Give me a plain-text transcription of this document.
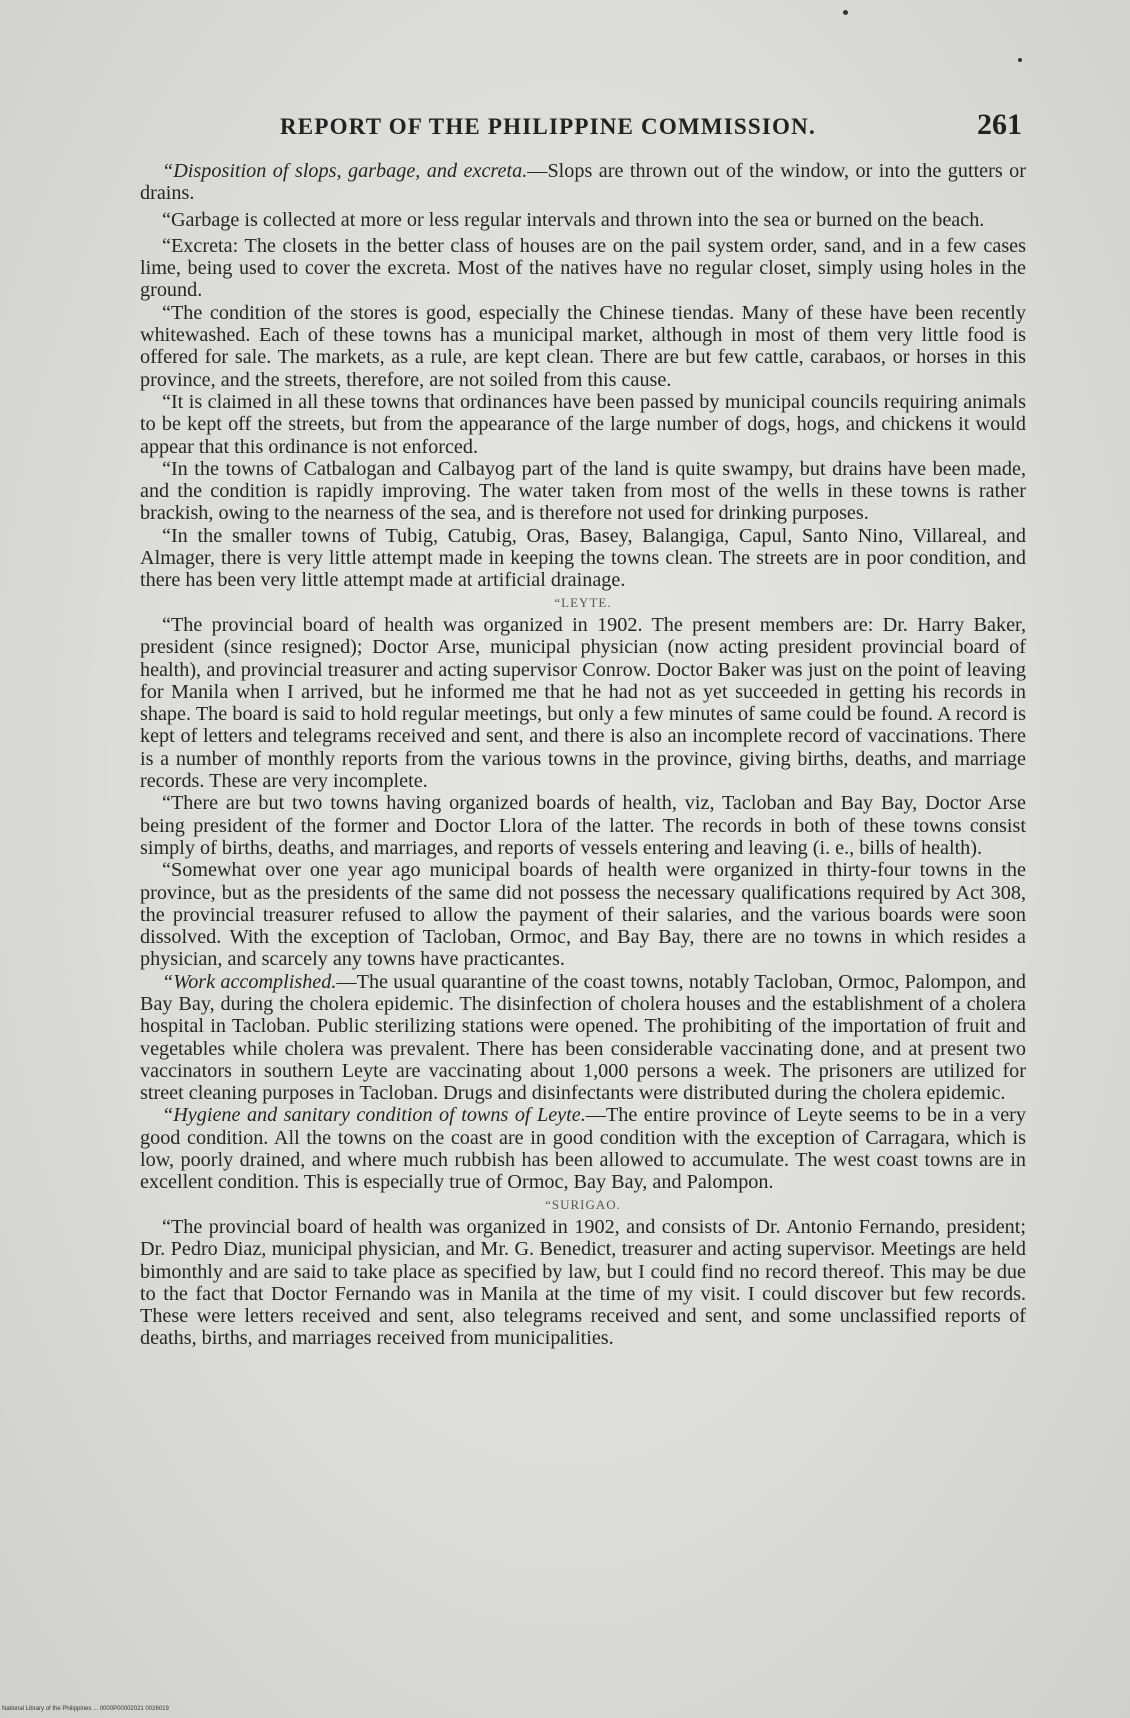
REPORT OF THE PHILIPPINE COMMISSION.	261

“Disposition of slops, garbage, and excreta.—Slops are thrown out of the window, or into the gutters or drains.

“Garbage is collected at more or less regular intervals and thrown into the sea or burned on the beach.

“Excreta: The closets in the better class of houses are on the pail system order, sand, and in a few cases lime, being used to cover the excreta. Most of the natives have no regular closet, simply using holes in the ground.

“The condition of the stores is good, especially the Chinese tiendas. Many of these have been recently whitewashed. Each of these towns has a municipal market, although in most of them very little food is offered for sale. The markets, as a rule, are kept clean. There are but few cattle, carabaos, or horses in this province, and the streets, therefore, are not soiled from this cause.

“It is claimed in all these towns that ordinances have been passed by municipal councils requiring animals to be kept off the streets, but from the appearance of the large number of dogs, hogs, and chickens it would appear that this ordinance is not enforced.

“In the towns of Catbalogan and Calbayog part of the land is quite swampy, but drains have been made, and the condition is rapidly improving. The water taken from most of the wells in these towns is rather brackish, owing to the nearness of the sea, and is therefore not used for drinking purposes.

“In the smaller towns of Tubig, Catubig, Oras, Basey, Balangiga, Capul, Santo Nino, Villareal, and Almager, there is very little attempt made in keeping the towns clean. The streets are in poor condition, and there has been very little attempt made at artificial drainage.

“LEYTE.

“The provincial board of health was organized in 1902. The present members are: Dr. Harry Baker, president (since resigned); Doctor Arse, municipal physician (now acting president provincial board of health), and provincial treasurer and acting supervisor Conrow. Doctor Baker was just on the point of leaving for Manila when I arrived, but he informed me that he had not as yet succeeded in getting his records in shape. The board is said to hold regular meetings, but only a few minutes of same could be found. A record is kept of letters and telegrams received and sent, and there is also an incomplete record of vaccinations. There is a number of monthly reports from the various towns in the province, giving births, deaths, and marriage records. These are very incomplete.

“There are but two towns having organized boards of health, viz, Tacloban and Bay Bay, Doctor Arse being president of the former and Doctor Llora of the latter. The records in both of these towns consist simply of births, deaths, and marriages, and reports of vessels entering and leaving (i. e., bills of health).

“Somewhat over one year ago municipal boards of health were organized in thirty-four towns in the province, but as the presidents of the same did not possess the necessary qualifications required by Act 308, the provincial treasurer refused to allow the payment of their salaries, and the various boards were soon dissolved. With the exception of Tacloban, Ormoc, and Bay Bay, there are no towns in which resides a physician, and scarcely any towns have practicantes.

“Work accomplished.—The usual quarantine of the coast towns, notably Tacloban, Ormoc, Palompon, and Bay Bay, during the cholera epidemic. The disinfection of cholera houses and the establishment of a cholera hospital in Tacloban. Public sterilizing stations were opened. The prohibiting of the importation of fruit and vegetables while cholera was prevalent. There has been considerable vaccinating done, and at present two vaccinators in southern Leyte are vaccinating about 1,000 persons a week. The prisoners are utilized for street cleaning purposes in Tacloban. Drugs and disinfectants were distributed during the cholera epidemic.

“Hygiene and sanitary condition of towns of Leyte.—The entire province of Leyte seems to be in a very good condition. All the towns on the coast are in good condition with the exception of Carragara, which is low, poorly drained, and where much rubbish has been allowed to accumulate. The west coast towns are in excellent condition. This is especially true of Ormoc, Bay Bay, and Palompon.

“SURIGAO.

“The provincial board of health was organized in 1902, and consists of Dr. Antonio Fernando, president; Dr. Pedro Diaz, municipal physician, and Mr. G. Benedict, treasurer and acting supervisor. Meetings are held bimonthly and are said to take place as specified by law, but I could find no record thereof. This may be due to the fact that Doctor Fernando was in Manila at the time of my visit. I could discover but few records. These were letters received and sent, also telegrams received and sent, and some unclassified reports of deaths, births, and marriages received from municipalities.

National Library of the Philippines ... 0000P00002021 0026019
